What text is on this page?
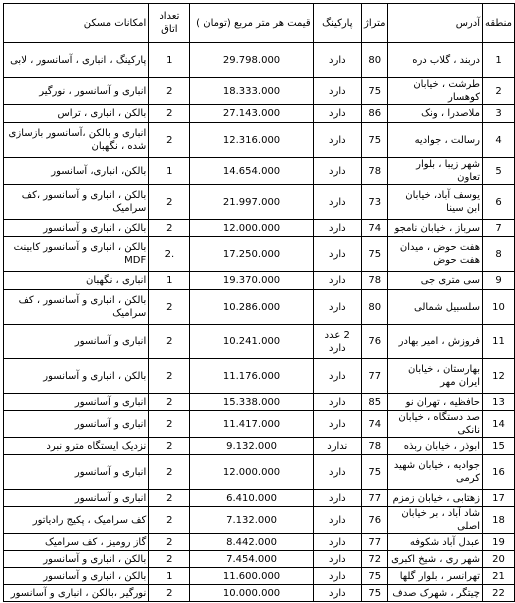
منطقه	آدرس	متراژ	پارکینگ	قیمت هر متر مربع (تومان )	تعداد اتاق	امکانات مسکن
1	دربند ، گلاب دره	80	دارد	29.798.000	1	پارکینگ ، انباری ، آسانسور ، لابی
2	طرشت ، خیابان کوهسار	75	دارد	18.333.000	2	انباری و آسانسور ، نورگیر
3	ملاصدرا ، ونک	86	دارد	27.143.000	2	بالکن ، انباری ، تراس
4	رسالت ، جوادیه	75	دارد	12.316.000	2	انباری و بالکن ،آسانسور بازسازی شده ، نگهبان
5	شهر زیبا ، بلوار تعاون	78	دارد	14.654.000	1	بالکن، انباری، آسانسور
6	یوسف آباد، خیابان ابن سینا	73	دارد	21.997.000	2	بالکن ، انباری و آسانسور ،کف سرامیک
7	سرباز ، خیابان نامجو	74	دارد	12.000.000	2	بالکن ، انباری و آسانسور
8	هفت حوض ، میدان هفت حوض	75	دارد	17.250.000	.2	بالکن ، انباری و آسانسور کابینت MDF
9	سی متری جی	78	دارد	19.370.000	1	انباری ، نگهبان
10	سلسبیل شمالی	80	دارد	10.286.000	2	بالکن ، انباری و آسانسور ، کف سرامیک
11	فروزش ، امیر بهادر	76	2 عدد دارد	10.241.000	2	انباری و آسانسور
12	بهارستان ، خیابان ایران مهر	77	دارد	11.176.000	2	بالکن ، انباری و آسانسور
13	حافظیه ، تهران نو	85	دارد	15.338.000	2	انباری و آسانسور
14	صد دستگاه ، خیابان نانکی	74	دارد	11.417.000	2	انباری و آسانسور
15	ابوذر ، خیابان ربذه	78	ندارد	9.132.000	2	نزدیک ایستگاه مترو نبرد
16	جوادیه ، خیابان شهید کرمی	75	دارد	12.000.000	2	انباری و آسانسور
17	زهتابی ، خیابان زمزم	77	دارد	6.410.000	2	انباری و آسانسور
18	شاد آباد ، بر خیابان اصلی	76	دارد	7.132.000	2	کف سرامیک ، پکیج رادیاتور
19	عبدل آباد شکوفه	77	دارد	8.442.000	2	گاز رومیز ، کف سرامیک
20	شهر ری ، شیخ اکبری	72	دارد	7.454.000	2	بالکن ، انباری و آسانسور
21	تهرانسر ، بلوار گلها	75	دارد	11.600.000	1	بالکن ، انباری و آسانسور
22	چیتگر ، شهرک صدف	75	دارد	10.000.000	2	نورگیر ،بالکن ، انباری و آسانسور
